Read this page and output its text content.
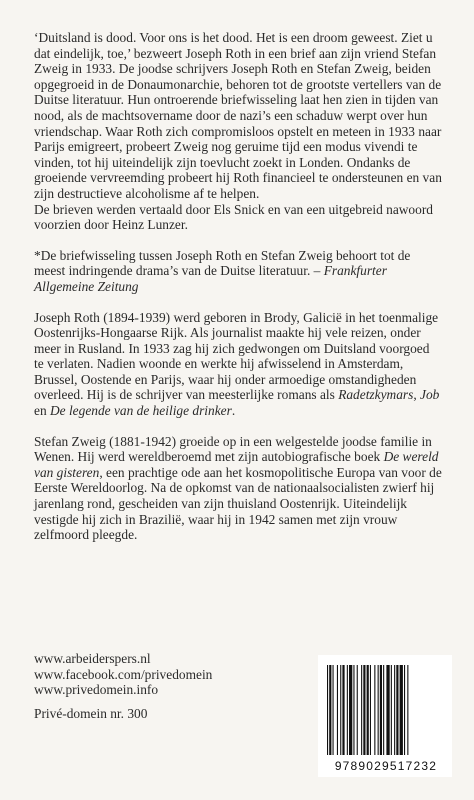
‘Duitsland is dood. Voor ons is het dood. Het is een droom geweest. Ziet u dat eindelijk, toe,’ bezweert Joseph Roth in een brief aan zijn vriend Stefan Zweig in 1933. De joodse schrijvers Joseph Roth en Stefan Zweig, beiden opgegroeid in de Donaumonarchie, behoren tot de grootste vertellers van de Duitse literatuur. Hun ontroerende briefwisseling laat hen zien in tijden van nood, als de machtsovername door de nazi’s een schaduw werpt over hun vriendschap. Waar Roth zich compromisloos opstelt en meteen in 1933 naar Parijs emigreert, probeert Zweig nog geruime tijd een modus vivendi te vinden, tot hij uiteindelijk zijn toevlucht zoekt in Londen. Ondanks de groeiende vervreemding probeert hij Roth financieel te ondersteunen en van zijn destructieve alcoholisme af te helpen.

De brieven werden vertaald door Els Snick en van een uitgebreid nawoord voorzien door Heinz Lunzer.

*De briefwisseling tussen Joseph Roth en Stefan Zweig behoort tot de meest indringende drama’s van de Duitse literatuur. – Frankfurter Allgemeine Zeitung

Joseph Roth (1894-1939) werd geboren in Brody, Galicië in het toenmalige Oostenrijks-Hongaarse Rijk. Als journalist maakte hij vele reizen, onder meer in Rusland. In 1933 zag hij zich gedwongen om Duitsland voorgoed te verlaten. Nadien woonde en werkte hij afwisselend in Amsterdam, Brussel, Oostende en Parijs, waar hij onder armoedige omstandigheden overleed. Hij is de schrijver van meesterlijke romans als Radetzkymars, Job en De legende van de heilige drinker.

Stefan Zweig (1881-1942) groeide op in een welgestelde joodse familie in Wenen. Hij werd wereldberoemd met zijn autobiografische boek De wereld van gisteren, een prachtige ode aan het kosmopolitische Europa van voor de Eerste Wereldoorlog. Na de opkomst van de nationaalsocialisten zwierf hij jarenlang rond, gescheiden van zijn thuisland Oostenrijk. Uiteindelijk vestigde hij zich in Brazilië, waar hij in 1942 samen met zijn vrouw zelfmoord pleegde.

www.arbeiderspers.nl
www.facebook.com/privedomein
www.privedomein.info
Privé-domein nr. 300
9789029517232
